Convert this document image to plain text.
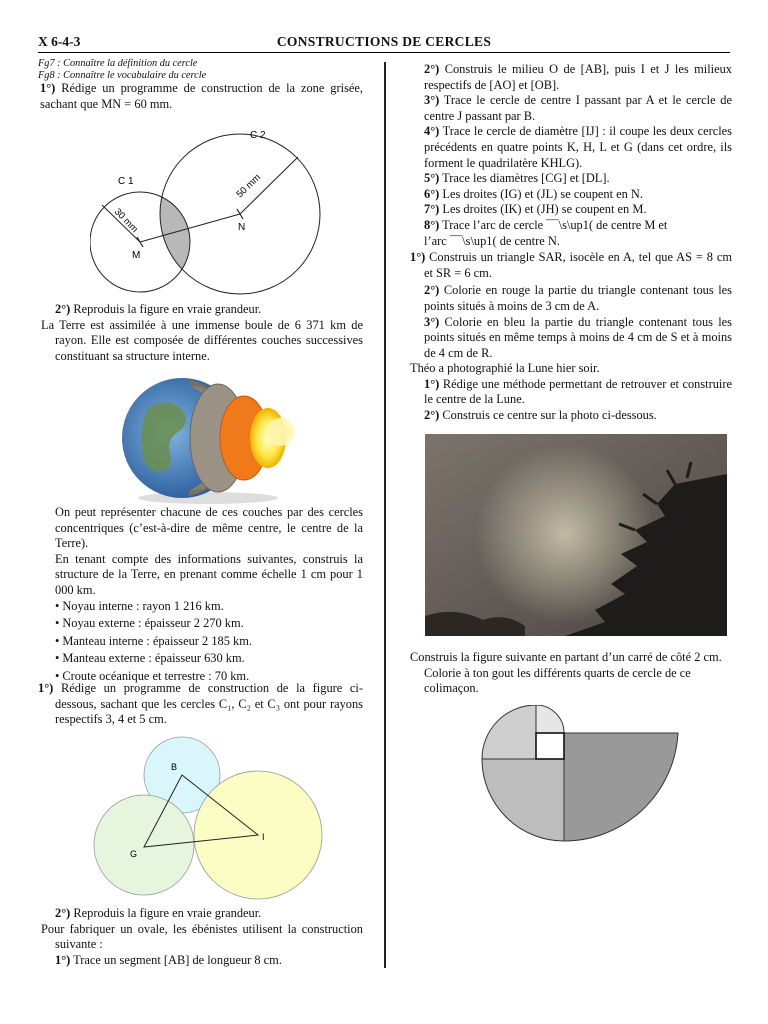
X 6-4-3	CONSTRUCTIONS DE CERCLES

Fg7 : Connaître la définition du cercle

Fg8 : Connaître le vocabulaire du cercle

1°) Rédige un programme de construction de la zone grisée, sachant que MN = 60 mm.

C 1
C 2
30 mm
50 mm
M
N

2°) Reproduis la figure en vraie grandeur.

La Terre est assimilée à une immense boule de 6 371 km de rayon. Elle est composée de différentes couches successives constituant sa structure interne.

On peut représenter chacune de ces couches par des cercles concentriques (c’est-à-dire de même centre, le centre de la Terre).

En tenant compte des informations suivantes, construis la structure de la Terre, en prenant comme échelle 1 cm pour 1 000 km.

• Noyau interne : rayon 1 216 km.

• Noyau externe : épaisseur 2 270 km.

• Manteau interne : épaisseur 2 185 km.

• Manteau externe : épaisseur 630 km.

• Croute océanique et terrestre : 70 km.

1°) Rédige un programme de construction de la figure ci-dessous, sachant que les cercles C₁, C₂ et C₃ ont pour rayons respectifs 3, 4 et 5 cm.

B
G
I

2°) Reproduis la figure en vraie grandeur.

Pour fabriquer un ovale, les ébénistes utilisent la construction suivante :

1°) Trace un segment [AB] de longueur 8 cm.

2°) Construis le milieu O de [AB], puis I et J les milieux respectifs de [AO] et [OB].

3°) Trace le cercle de centre I passant par A et le cercle de centre J passant par B.

4°) Trace le cercle de diamètre [IJ] : il coupe les deux cercles précédents en quatre points K, H, L et G (dans cet ordre, ils forment le quadrilatère KHLG).

5°) Trace les diamètres [CG] et [DL].

6°) Les droites (IG) et (JL) se coupent en N.

7°) Les droites (IK) et (JH) se coupent en M.

8°) Trace l’arc de cercle ¯¯\s\up1( de centre M et

l’arc ¯¯\s\up1( de centre N.

1°) Construis un triangle SAR, isocèle en A, tel que AS = 8 cm et SR = 6 cm.

2°) Colorie en rouge la partie du triangle contenant tous les points situés à moins de 3 cm de A.

3°) Colorie en bleu la partie du triangle contenant tous les points situés en même temps à moins de 4 cm de S et à moins de 4 cm de R.

Théo a photographié la Lune hier soir.

1°) Rédige une méthode permettant de retrouver et construire le centre de la Lune.

2°) Construis ce centre sur la photo ci-dessous.

Construis la figure suivante en partant d’un carré de côté 2 cm. Colorie à ton gout les différents quarts de cercle de ce colimaçon.
